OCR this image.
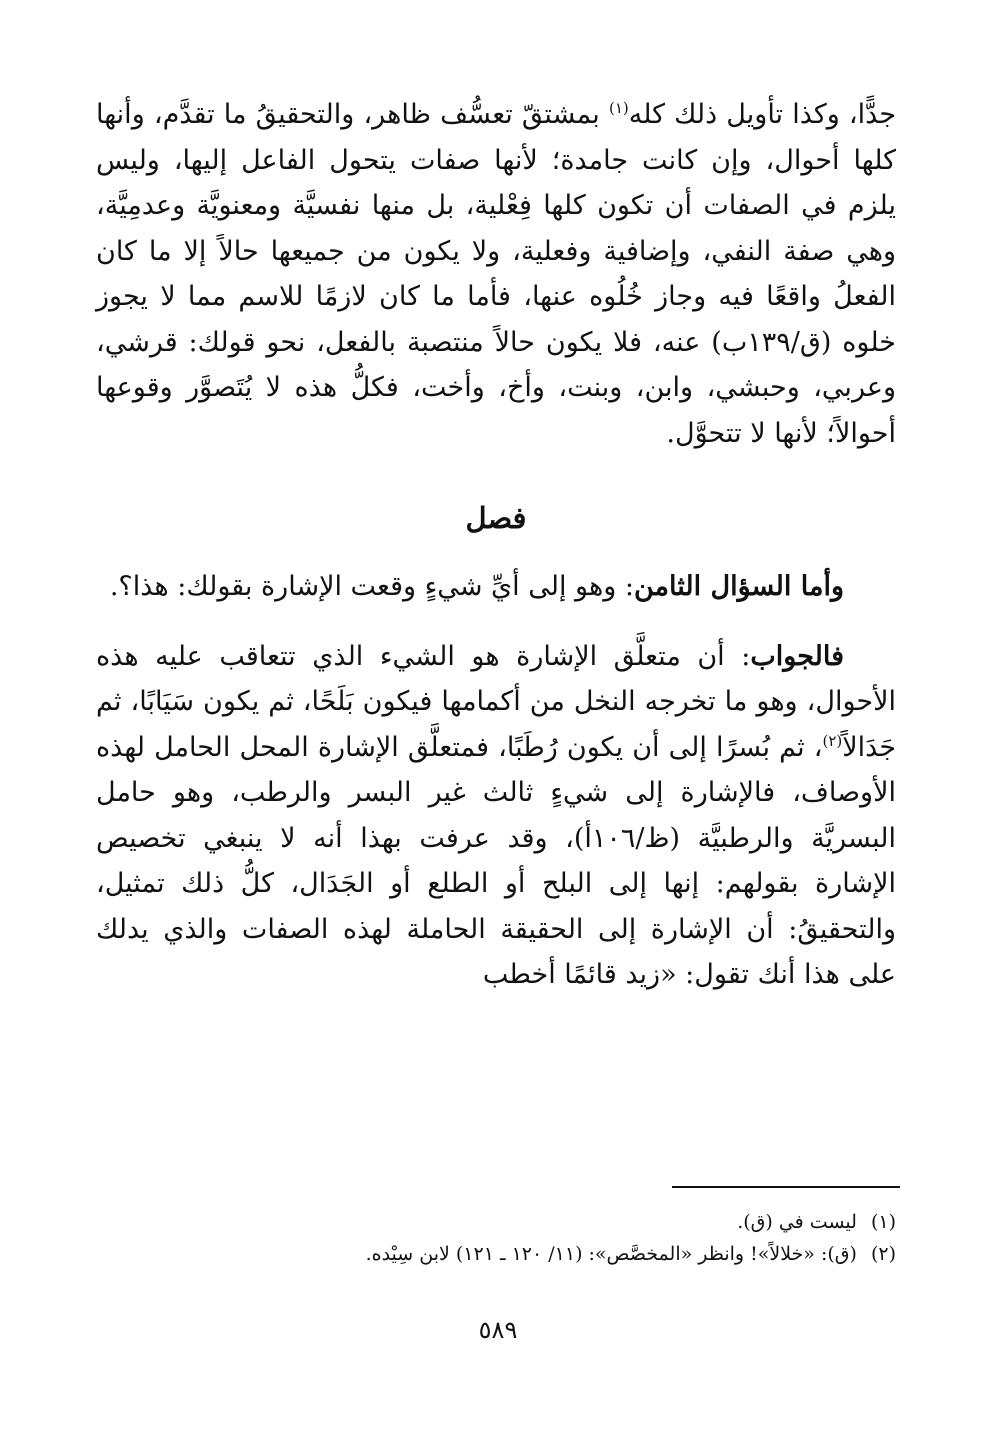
جدًّا، وكذا تأويل ذلك كله$^{(١)}$ بمشتقّ تعسُّف ظاهر، والتحقيقُ ما تقدَّم، وأنها كلها أحوال، وإن كانت جامدة؛ لأنها صفات يتحول الفاعل إليها، وليس يلزم في الصفات أن تكون كلها فِعْلية، بل منها نفسيَّة ومعنويَّة وعدمِيَّة، وهي صفة النفي، وإضافية وفعلية، ولا يكون من جميعها حالاً إلا ما كان الفعلُ واقعًا فيه وجاز خُلُوه عنها، فأما ما كان لازمًا للاسم مما لا يجوز خلوه (ق/١٣٩ب) عنه، فلا يكون حالاً منتصبة بالفعل، نحو قولك: قرشي، وعربي، وحبشي، وابن، وبنت، وأخ، وأخت، فكلُّ هذه لا يُتَصوَّر وقوعها أحوالاً؛ لأنها لا تتحوَّل.

فصل

وأما السؤال الثامن: وهو إلى أيِّ شيءٍ وقعت الإشارة بقولك: هذا؟.

فالجواب: أن متعلَّق الإشارة هو الشيء الذي تتعاقب عليه هذه الأحوال، وهو ما تخرجه النخل من أكمامها فيكون بَلَحًا، ثم يكون سَيَابًا، ثم جَدَالاً$^{(٢)}$، ثم بُسرًا إلى أن يكون رُطَبًا، فمتعلَّق الإشارة المحل الحامل لهذه الأوصاف، فالإشارة إلى شيءٍ ثالث غير البسر والرطب، وهو حامل البسريَّة والرطبيَّة (ظ/١٠٦أ)، وقد عرفت بهذا أنه لا ينبغي تخصيص الإشارة بقولهم: إنها إلى البلح أو الطلع أو الجَدَال، كلُّ ذلك تمثيل، والتحقيقُ: أن الإشارة إلى الحقيقة الحاملة لهذه الصفات والذي يدلك على هذا أنك تقول: «زيد قائمًا أخطب

(١)ليست في (ق).
(٢)(ق): «خلالاً»! وانظر «المخصَّص»: (١١/ ١٢٠ ـ ١٢١) لابن سِيْده.
٥٨٩
